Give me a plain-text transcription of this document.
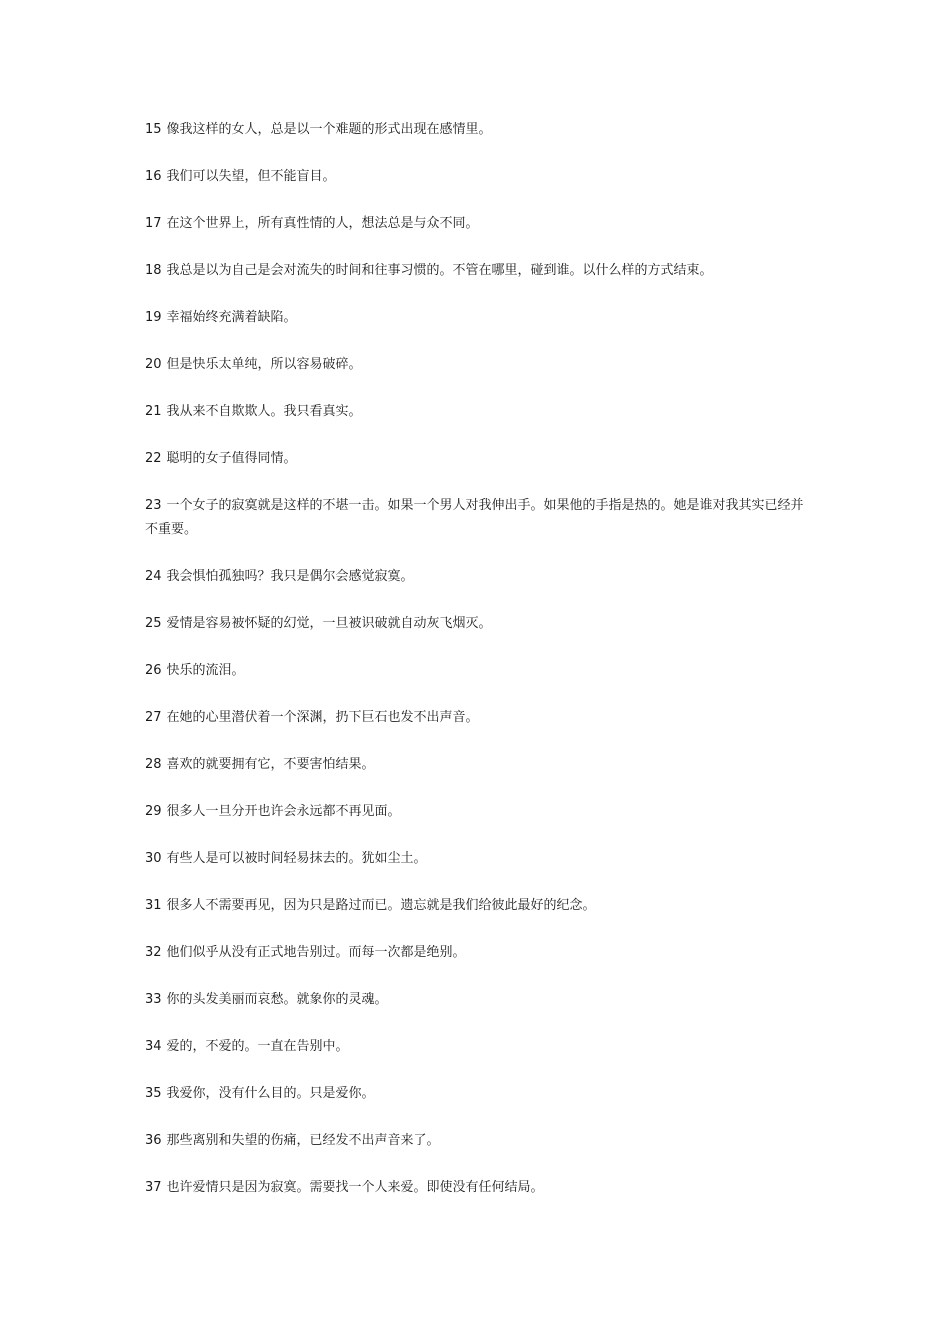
15 像我这样的女人，总是以一个难题的形式出现在感情里。

16 我们可以失望，但不能盲目。

17 在这个世界上，所有真性情的人，想法总是与众不同。

18 我总是以为自己是会对流失的时间和往事习惯的。不管在哪里，碰到谁。以什么样的方式结束。

19 幸福始终充满着缺陷。

20 但是快乐太单纯，所以容易破碎。

21 我从来不自欺欺人。我只看真实。

22 聪明的女子值得同情。

23 一个女子的寂寞就是这样的不堪一击。如果一个男人对我伸出手。如果他的手指是热的。她是谁对我其实已经并不重要。

24 我会惧怕孤独吗？我只是偶尔会感觉寂寞。

25 爱情是容易被怀疑的幻觉，一旦被识破就自动灰飞烟灭。

26 快乐的流泪。

27 在她的心里潜伏着一个深渊，扔下巨石也发不出声音。

28 喜欢的就要拥有它，不要害怕结果。

29 很多人一旦分开也许会永远都不再见面。

30 有些人是可以被时间轻易抹去的。犹如尘土。

31 很多人不需要再见，因为只是路过而已。遗忘就是我们给彼此最好的纪念。

32 他们似乎从没有正式地告别过。而每一次都是绝别。

33 你的头发美丽而哀愁。就象你的灵魂。

34 爱的，不爱的。一直在告别中。

35 我爱你，没有什么目的。只是爱你。

36 那些离别和失望的伤痛，已经发不出声音来了。

37 也许爱情只是因为寂寞。需要找一个人来爱。即使没有任何结局。
